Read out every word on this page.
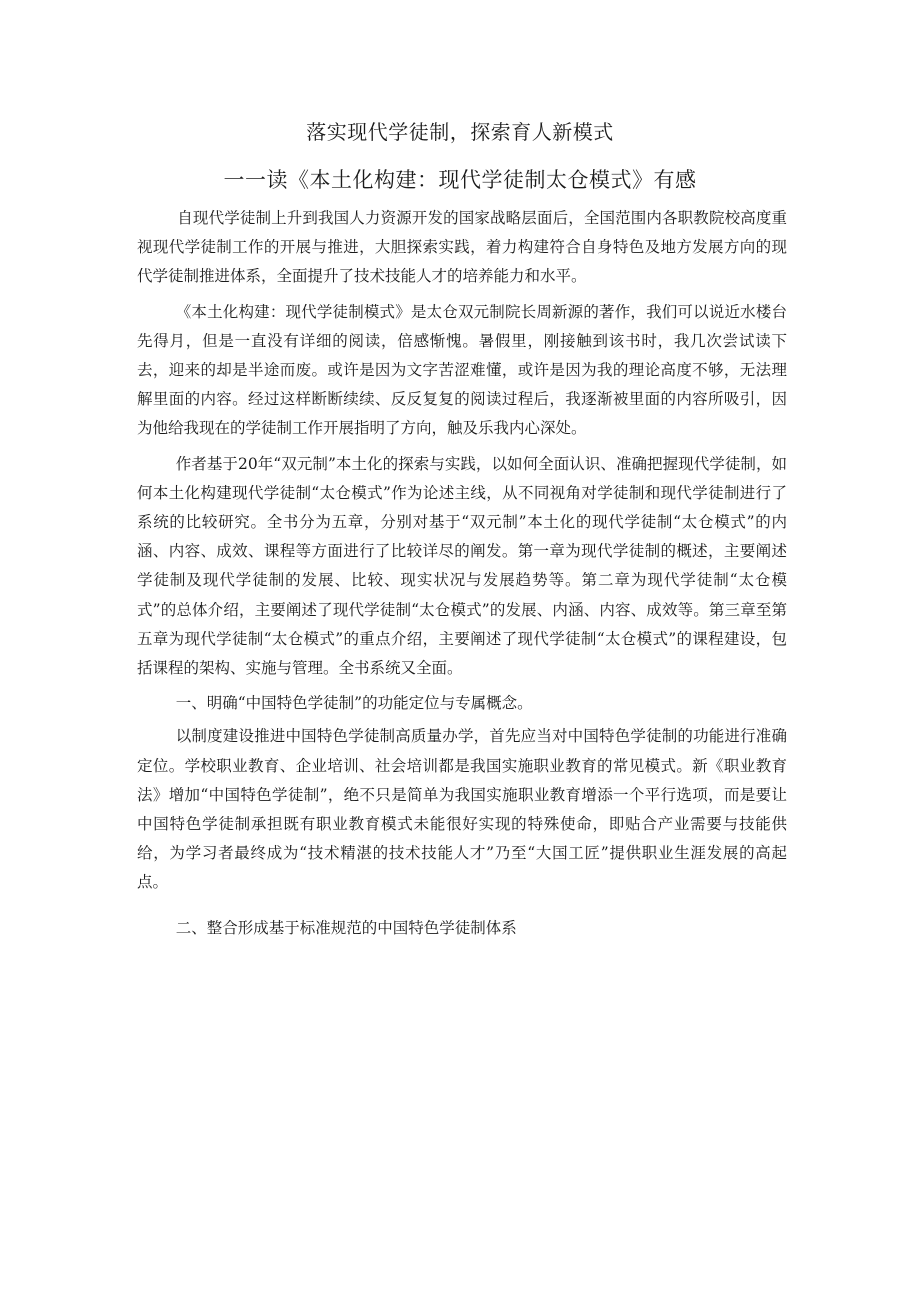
落实现代学徒制，探索育人新模式
一一读《本土化构建：现代学徒制太仓模式》有感

自现代学徒制上升到我国人力资源开发的国家战略层面后，全国范围内各职教院校高度重视现代学徒制工作的开展与推进，大胆探索实践，着力构建符合自身特色及地方发展方向的现代学徒制推进体系，全面提升了技术技能人才的培养能力和水平。

《本土化构建：现代学徒制模式》是太仓双元制院长周新源的著作，我们可以说近水楼台先得月，但是一直没有详细的阅读，倍感惭愧。暑假里，刚接触到该书时，我几次尝试读下去，迎来的却是半途而废。或许是因为文字苦涩难懂，或许是因为我的理论高度不够，无法理解里面的内容。经过这样断断续续、反反复复的阅读过程后，我逐渐被里面的内容所吸引，因为他给我现在的学徒制工作开展指明了方向，触及乐我内心深处。

作者基于20年“双元制”本土化的探索与实践，以如何全面认识、准确把握现代学徒制，如何本土化构建现代学徒制“太仓模式”作为论述主线，从不同视角对学徒制和现代学徒制进行了系统的比较研究。全书分为五章，分别对基于“双元制”本土化的现代学徒制“太仓模式”的内涵、内容、成效、课程等方面进行了比较详尽的阐发。第一章为现代学徒制的概述，主要阐述学徒制及现代学徒制的发展、比较、现实状况与发展趋势等。第二章为现代学徒制“太仓模式”的总体介绍，主要阐述了现代学徒制“太仓模式”的发展、内涵、内容、成效等。第三章至第五章为现代学徒制“太仓模式”的重点介绍，主要阐述了现代学徒制“太仓模式”的课程建设，包括课程的架构、实施与管理。全书系统又全面。

一、明确“中国特色学徒制”的功能定位与专属概念。

以制度建设推进中国特色学徒制高质量办学，首先应当对中国特色学徒制的功能进行准确定位。学校职业教育、企业培训、社会培训都是我国实施职业教育的常见模式。新《职业教育法》增加“中国特色学徒制”，绝不只是简单为我国实施职业教育增添一个平行选项，而是要让中国特色学徒制承担既有职业教育模式未能很好实现的特殊使命，即贴合产业需要与技能供给，为学习者最终成为“技术精湛的技术技能人才”乃至“大国工匠”提供职业生涯发展的高起点。

二、整合形成基于标准规范的中国特色学徒制体系
